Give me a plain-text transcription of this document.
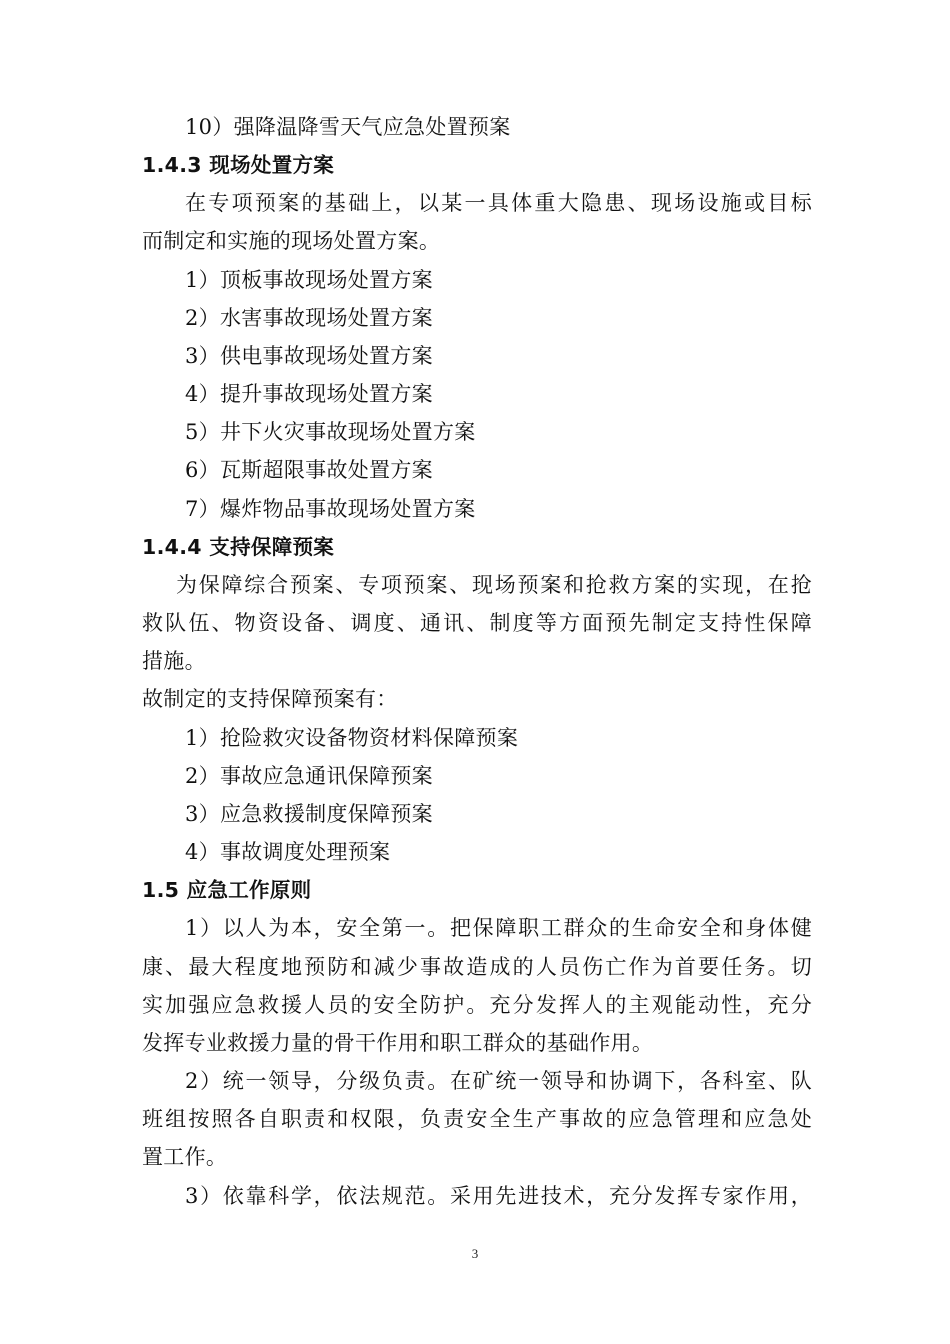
10）强降温降雪天气应急处置预案
1.4.3 现场处置方案
在专项预案的基础上，以某一具体重大隐患、现场设施或目标
而制定和实施的现场处置方案。
1）顶板事故现场处置方案
2）水害事故现场处置方案
3）供电事故现场处置方案
4）提升事故现场处置方案
5）井下火灾事故现场处置方案
6）瓦斯超限事故处置方案
7）爆炸物品事故现场处置方案
1.4.4 支持保障预案
为保障综合预案、专项预案、现场预案和抢救方案的实现，在抢
救队伍、物资设备、调度、通讯、制度等方面预先制定支持性保障
措施。
故制定的支持保障预案有：
1）抢险救灾设备物资材料保障预案
2）事故应急通讯保障预案
3）应急救援制度保障预案
4）事故调度处理预案
1.5 应急工作原则
1）以人为本，安全第一。把保障职工群众的生命安全和身体健
康、最大程度地预防和减少事故造成的人员伤亡作为首要任务。切
实加强应急救援人员的安全防护。充分发挥人的主观能动性，充分
发挥专业救援力量的骨干作用和职工群众的基础作用。
2）统一领导，分级负责。在矿统一领导和协调下，各科室、队
班组按照各自职责和权限，负责安全生产事故的应急管理和应急处
置工作。
3）依靠科学，依法规范。采用先进技术，充分发挥专家作用，
3
